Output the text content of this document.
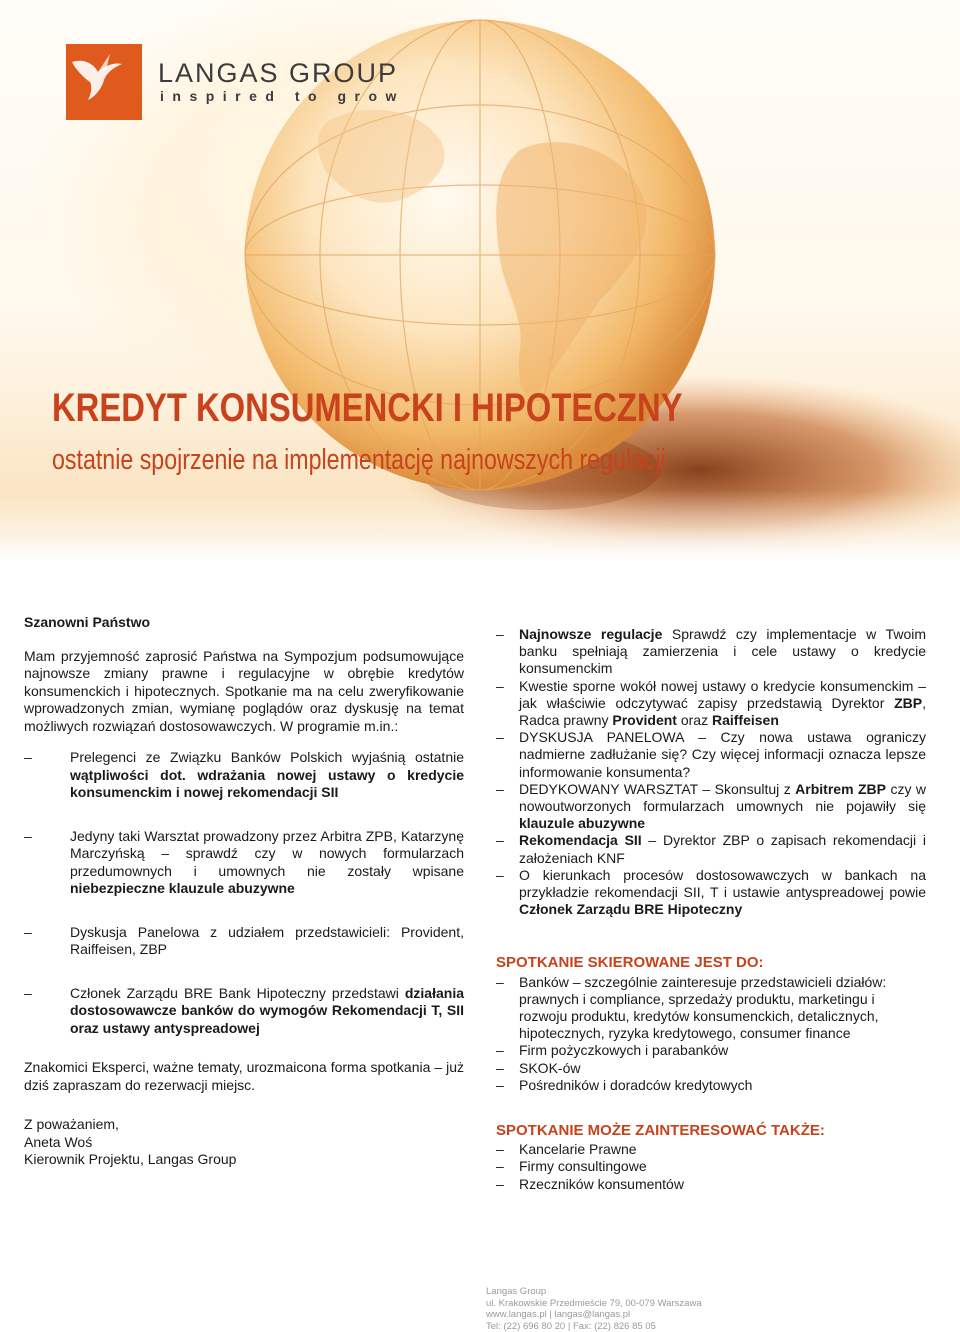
LANGAS GROUP
inspired to grow
KREDYT KONSUMENCKI I HIPOTECZNY
ostatnie spojrzenie na implementację najnowszych regulacji

Szanowni Państwo

Mam przyjemność zaprosić Państwa na Sympozjum podsumowujące najnowsze zmiany prawne i regulacyjne w obrębie kredytów konsumenckich i hipotecznych. Spotkanie ma na celu zweryfikowanie wprowadzonych zmian, wymianę poglądów oraz dyskusję na temat możliwych rozwiązań dostosowawczych. W programie m.in.:

–	Prelegenci ze Związku Banków Polskich wyjaśnią ostatnie wątpliwości dot. wdrażania nowej ustawy o kredycie konsumenckim i nowej rekomendacji SII
–	Jedyny taki Warsztat prowadzony przez Arbitra ZPB, Katarzynę Marczyńską – sprawdź czy w nowych formularzach przedumownych i umownych nie zostały wpisane niebezpieczne klauzule abuzywne
–	Dyskusja Panelowa z udziałem przedstawicieli: Provident, Raiffeisen, ZBP
–	Członek Zarządu BRE Bank Hipoteczny przedstawi działania dostosowawcze banków do wymogów Rekomendacji T, SII oraz ustawy antyspreadowej

Znakomici Eksperci, ważne tematy, urozmaicona forma spotkania – już dziś zapraszam do rezerwacji miejsc.

Z poważaniem,

Aneta Woś

Kierownik Projektu, Langas Group

– Najnowsze regulacje Sprawdź czy implementacje w Twoim banku spełniają zamierzenia i cele ustawy o kredycie konsumenckim
– Kwestie sporne wokół nowej ustawy o kredycie konsumenckim – jak właściwie odczytywać zapisy przedstawią Dyrektor ZBP, Radca prawny Provident oraz Raiffeisen
– DYSKUSJA PANELOWA – Czy nowa ustawa ograniczy nadmierne zadłużanie się? Czy więcej informacji oznacza lepsze informowanie konsumenta?
– DEDYKOWANY WARSZTAT – Skonsultuj z Arbitrem ZBP czy w nowoutworzonych formularzach umownych nie pojawiły się klauzule abuzywne
– Rekomendacja SII – Dyrektor ZBP o zapisach rekomendacji i założeniach KNF
– O kierunkach procesów dostosowawczych w bankach na przykładzie rekomendacji SII, T i ustawie antyspreadowej powie Członek Zarządu BRE Hipoteczny

SPOTKANIE SKIEROWANE JEST DO:

– Banków – szczególnie zainteresuje przedstawicieli działów: prawnych i compliance, sprzedaży produktu, marketingu i rozwoju produktu, kredytów konsumenckich, detalicznych, hipotecznych, ryzyka kredytowego, consumer finance
– Firm pożyczkowych i parabanków
– SKOK-ów
– Pośredników i doradców kredytowych

SPOTKANIE MOŻE ZAINTERESOWAĆ TAKŻE:

– Kancelarie Prawne
– Firmy consultingowe
– Rzeczników konsumentów
Langas Group
ul. Krakowskie Przedmieście 79, 00-079 Warszawa
www.langas.pl | langas@langas.pl
Tel: (22) 696 80 20 | Fax: (22) 826 85 05
